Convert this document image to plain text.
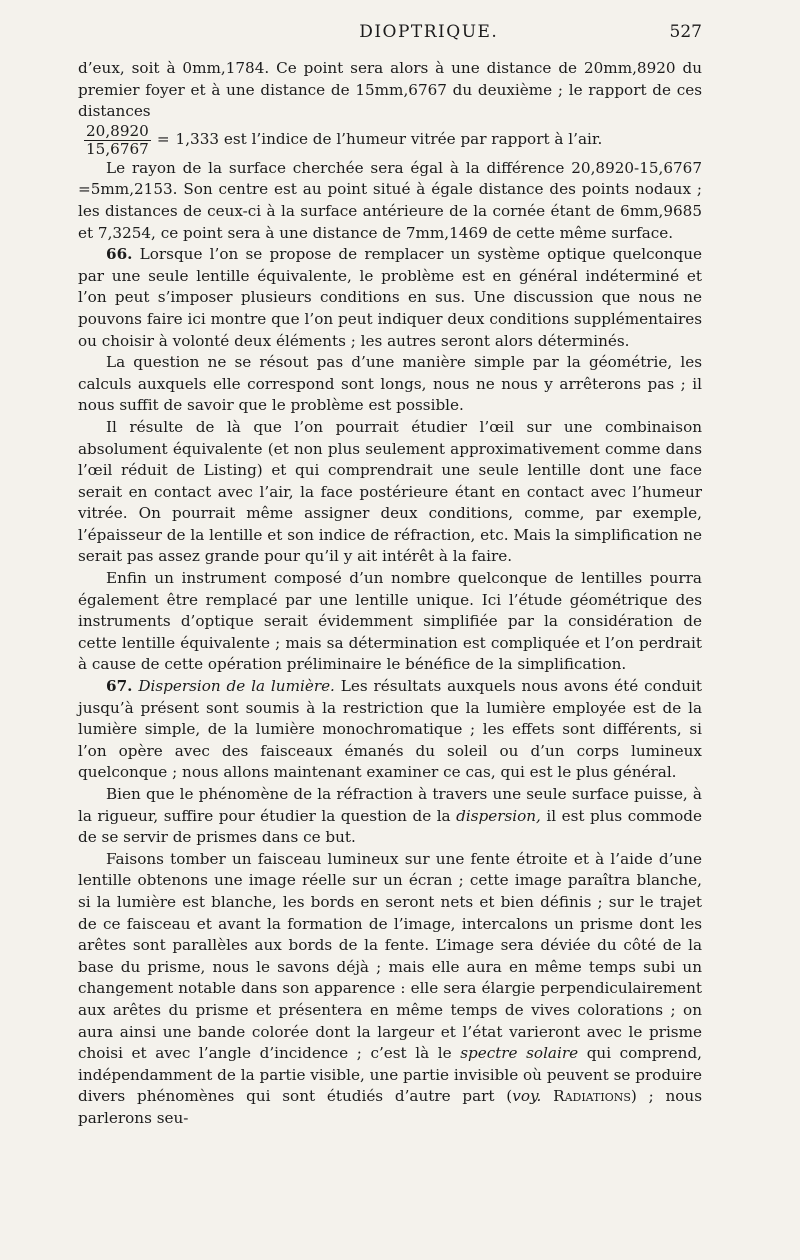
DIOPTRIQUE.	527

d’eux, soit à 0mm,1784. Ce point sera alors à une distance de 20mm,8920 du premier foyer et à une distance de 15mm,6767 du deuxième ; le rapport de ces distances

$\frac{20,8920}{15,6767} = 1,333$ est l’indice de l’humeur vitrée par rapport à l’air.

Le rayon de la surface cherchée sera égal à la différence 20,8920-15,6767 =5mm,2153. Son centre est au point situé à égale distance des points nodaux ; les distances de ceux-ci à la surface antérieure de la cornée étant de 6mm,9685 et 7,3254, ce point sera à une distance de 7mm,1469 de cette même surface.

66. Lorsque l’on se propose de remplacer un système optique quelconque par une seule lentille équivalente, le problème est en général indéterminé et l’on peut s’imposer plusieurs conditions en sus. Une discussion que nous ne pouvons faire ici montre que l’on peut indiquer deux conditions supplémentaires ou choisir à volonté deux éléments ; les autres seront alors déterminés.

La question ne se résout pas d’une manière simple par la géométrie, les calculs auxquels elle correspond sont longs, nous ne nous y arrêterons pas ; il nous suffit de savoir que le problème est possible.

Il résulte de là que l’on pourrait étudier l’œil sur une combinaison absolument équivalente (et non plus seulement approximativement comme dans l’œil réduit de Listing) et qui comprendrait une seule lentille dont une face serait en contact avec l’air, la face postérieure étant en contact avec l’humeur vitrée. On pourrait même assigner deux conditions, comme, par exemple, l’épaisseur de la lentille et son indice de réfraction, etc. Mais la simplification ne serait pas assez grande pour qu’il y ait intérêt à la faire.

Enfin un instrument composé d’un nombre quelconque de lentilles pourra également être remplacé par une lentille unique. Ici l’étude géométrique des instruments d’optique serait évidemment simplifiée par la considération de cette lentille équivalente ; mais sa détermination est compliquée et l’on perdrait à cause de cette opération préliminaire le bénéfice de la simplification.

67. Dispersion de la lumière. Les résultats auxquels nous avons été conduit jusqu’à présent sont soumis à la restriction que la lumière employée est de la lumière simple, de la lumière monochromatique ; les effets sont différents, si l’on opère avec des faisceaux émanés du soleil ou d’un corps lumineux quelconque ; nous allons maintenant examiner ce cas, qui est le plus général.

Bien que le phénomène de la réfraction à travers une seule surface puisse, à la rigueur, suffire pour étudier la question de la dispersion, il est plus commode de se servir de prismes dans ce but.

Faisons tomber un faisceau lumineux sur une fente étroite et à l’aide d’une lentille obtenons une image réelle sur un écran ; cette image paraîtra blanche, si la lumière est blanche, les bords en seront nets et bien définis ; sur le trajet de ce faisceau et avant la formation de l’image, intercalons un prisme dont les arêtes sont parallèles aux bords de la fente. L’image sera déviée du côté de la base du prisme, nous le savons déjà ; mais elle aura en même temps subi un changement notable dans son apparence : elle sera élargie perpendiculairement aux arêtes du prisme et présentera en même temps de vives colorations ; on aura ainsi une bande colorée dont la largeur et l’état varieront avec le prisme choisi et avec l’angle d’incidence ; c’est là le spectre solaire qui comprend, indépendamment de la partie visible, une partie invisible où peuvent se produire divers phénomènes qui sont étudiés d’autre part (voy. Radiations) ; nous parlerons seu-
